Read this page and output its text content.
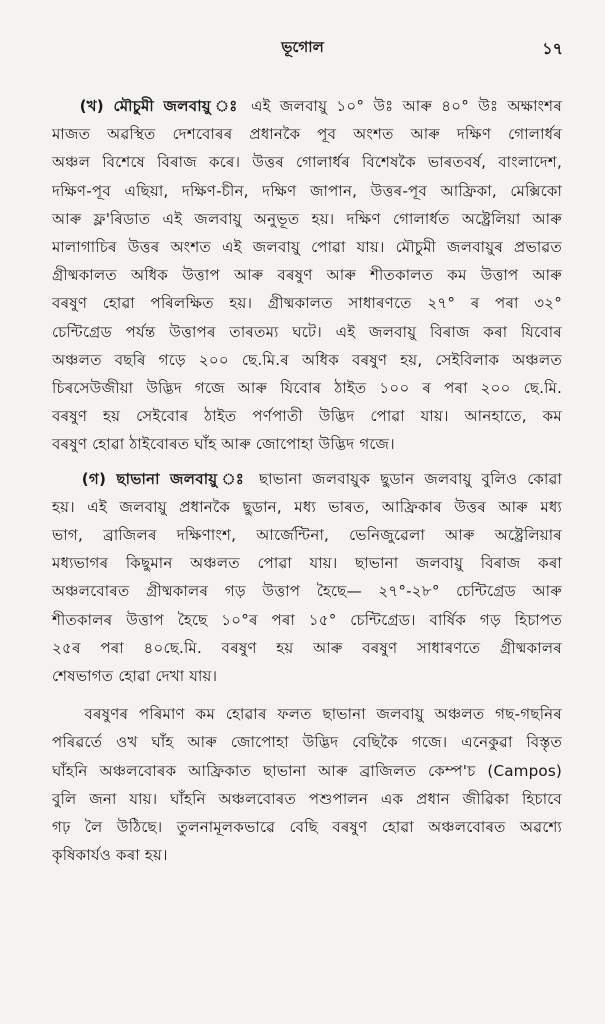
ভূগোল	১৭
(খ) মৌচুমী জলবায়ু ঃ এই জলবায়ু ১০° উঃ আৰু ৪০° উঃ অক্ষাংশৰ
মাজত অৱস্থিত দেশবোৰৰ প্ৰধানকৈ পূব অংশত আৰু দক্ষিণ গোলাৰ্ধৰ
অঞ্চল বিশেষে বিৰাজ কৰে। উত্তৰ গোলাৰ্ধৰ বিশেষকৈ ভাৰতবৰ্ষ, বাংলাদেশ,
দক্ষিণ-পূব এছিয়া, দক্ষিণ-চীন, দক্ষিণ জাপান, উত্তৰ-পূব আফ্ৰিকা, মেক্সিকো
আৰু ফ্ল'ৰিডাত এই জলবায়ু অনুভূত হয়। দক্ষিণ গোলাৰ্ধত অষ্ট্ৰেলিয়া আৰু
মালাগাচিৰ উত্তৰ অংশত এই জলবায়ু পোৱা যায়। মৌচুমী জলবায়ুৰ প্ৰভাৱত
গ্ৰীষ্মকালত অধিক উত্তাপ আৰু বৰষুণ আৰু শীতকালত কম উত্তাপ আৰু
বৰষুণ হোৱা পৰিলক্ষিত হয়। গ্ৰীষ্মকালত সাধাৰণতে ২৭° ৰ পৰা ৩২°
চেন্টিগ্ৰেড পৰ্যন্ত উত্তাপৰ তাৰতম্য ঘটে। এই জলবায়ু বিৰাজ কৰা যিবোৰ
অঞ্চলত বছৰি গড়ে ২০০ ছে.মি.ৰ অধিক বৰষুণ হয়, সেইবিলাক অঞ্চলত
চিৰসেউজীয়া উদ্ভিদ গজে আৰু যিবোৰ ঠাইত ১০০ ৰ পৰা ২০০ ছে.মি.
বৰষুণ হয় সেইবোৰ ঠাইত পৰ্ণপাতী উদ্ভিদ পোৱা যায়। আনহাতে, কম
বৰষুণ হোৱা ঠাইবোৰত ঘাঁহ আৰু জোপোহা উদ্ভিদ গজে।
(গ) ছাভানা জলবায়ু ঃ ছাভানা জলবায়ুক ছুডান জলবায়ু বুলিও কোৱা
হয়। এই জলবায়ু প্ৰধানকৈ ছুডান, মধ্য ভাৰত, আফ্ৰিকাৰ উত্তৰ আৰু মধ্য
ভাগ, ব্ৰাজিলৰ দক্ষিণাংশ, আৰ্জেন্টিনা, ভেনিজুৱেলা আৰু অষ্ট্ৰেলিয়াৰ
মধ্যভাগৰ কিছুমান অঞ্চলত পোৱা যায়। ছাভানা জলবায়ু বিৰাজ কৰা
অঞ্চলবোৰত গ্ৰীষ্মকালৰ গড় উত্তাপ হৈছে— ২৭°-২৮° চেন্টিগ্ৰেড আৰু
শীতকালৰ উত্তাপ হৈছে ১০°ৰ পৰা ১৫° চেন্টিগ্ৰেড। বাৰ্ষিক গড় হিচাপত
২৫ৰ পৰা ৪০ছে.মি. বৰষুণ হয় আৰু বৰষুণ সাধাৰণতে গ্ৰীষ্মকালৰ
শেষভাগত হোৱা দেখা যায়।
বৰষুণৰ পৰিমাণ কম হোৱাৰ ফলত ছাভানা জলবায়ু অঞ্চলত গছ-গছনিৰ
পৰিৱৰ্তে ওখ ঘাঁহ আৰু জোপোহা উদ্ভিদ বেছিকৈ গজে। এনেকুৱা বিস্তৃত
ঘাঁহনি অঞ্চলবোৰক আফ্ৰিকাত ছাভানা আৰু ব্ৰাজিলত কেম্প'চ (Campos)
বুলি জনা যায়। ঘাঁহনি অঞ্চলবোৰত পশুপালন এক প্ৰধান জীৱিকা হিচাবে
গঢ় লৈ উঠিছে। তুলনামূলকভাৱে বেছি বৰষুণ হোৱা অঞ্চলবোৰত অৱশ্যে
কৃষিকাৰ্যও কৰা হয়।
